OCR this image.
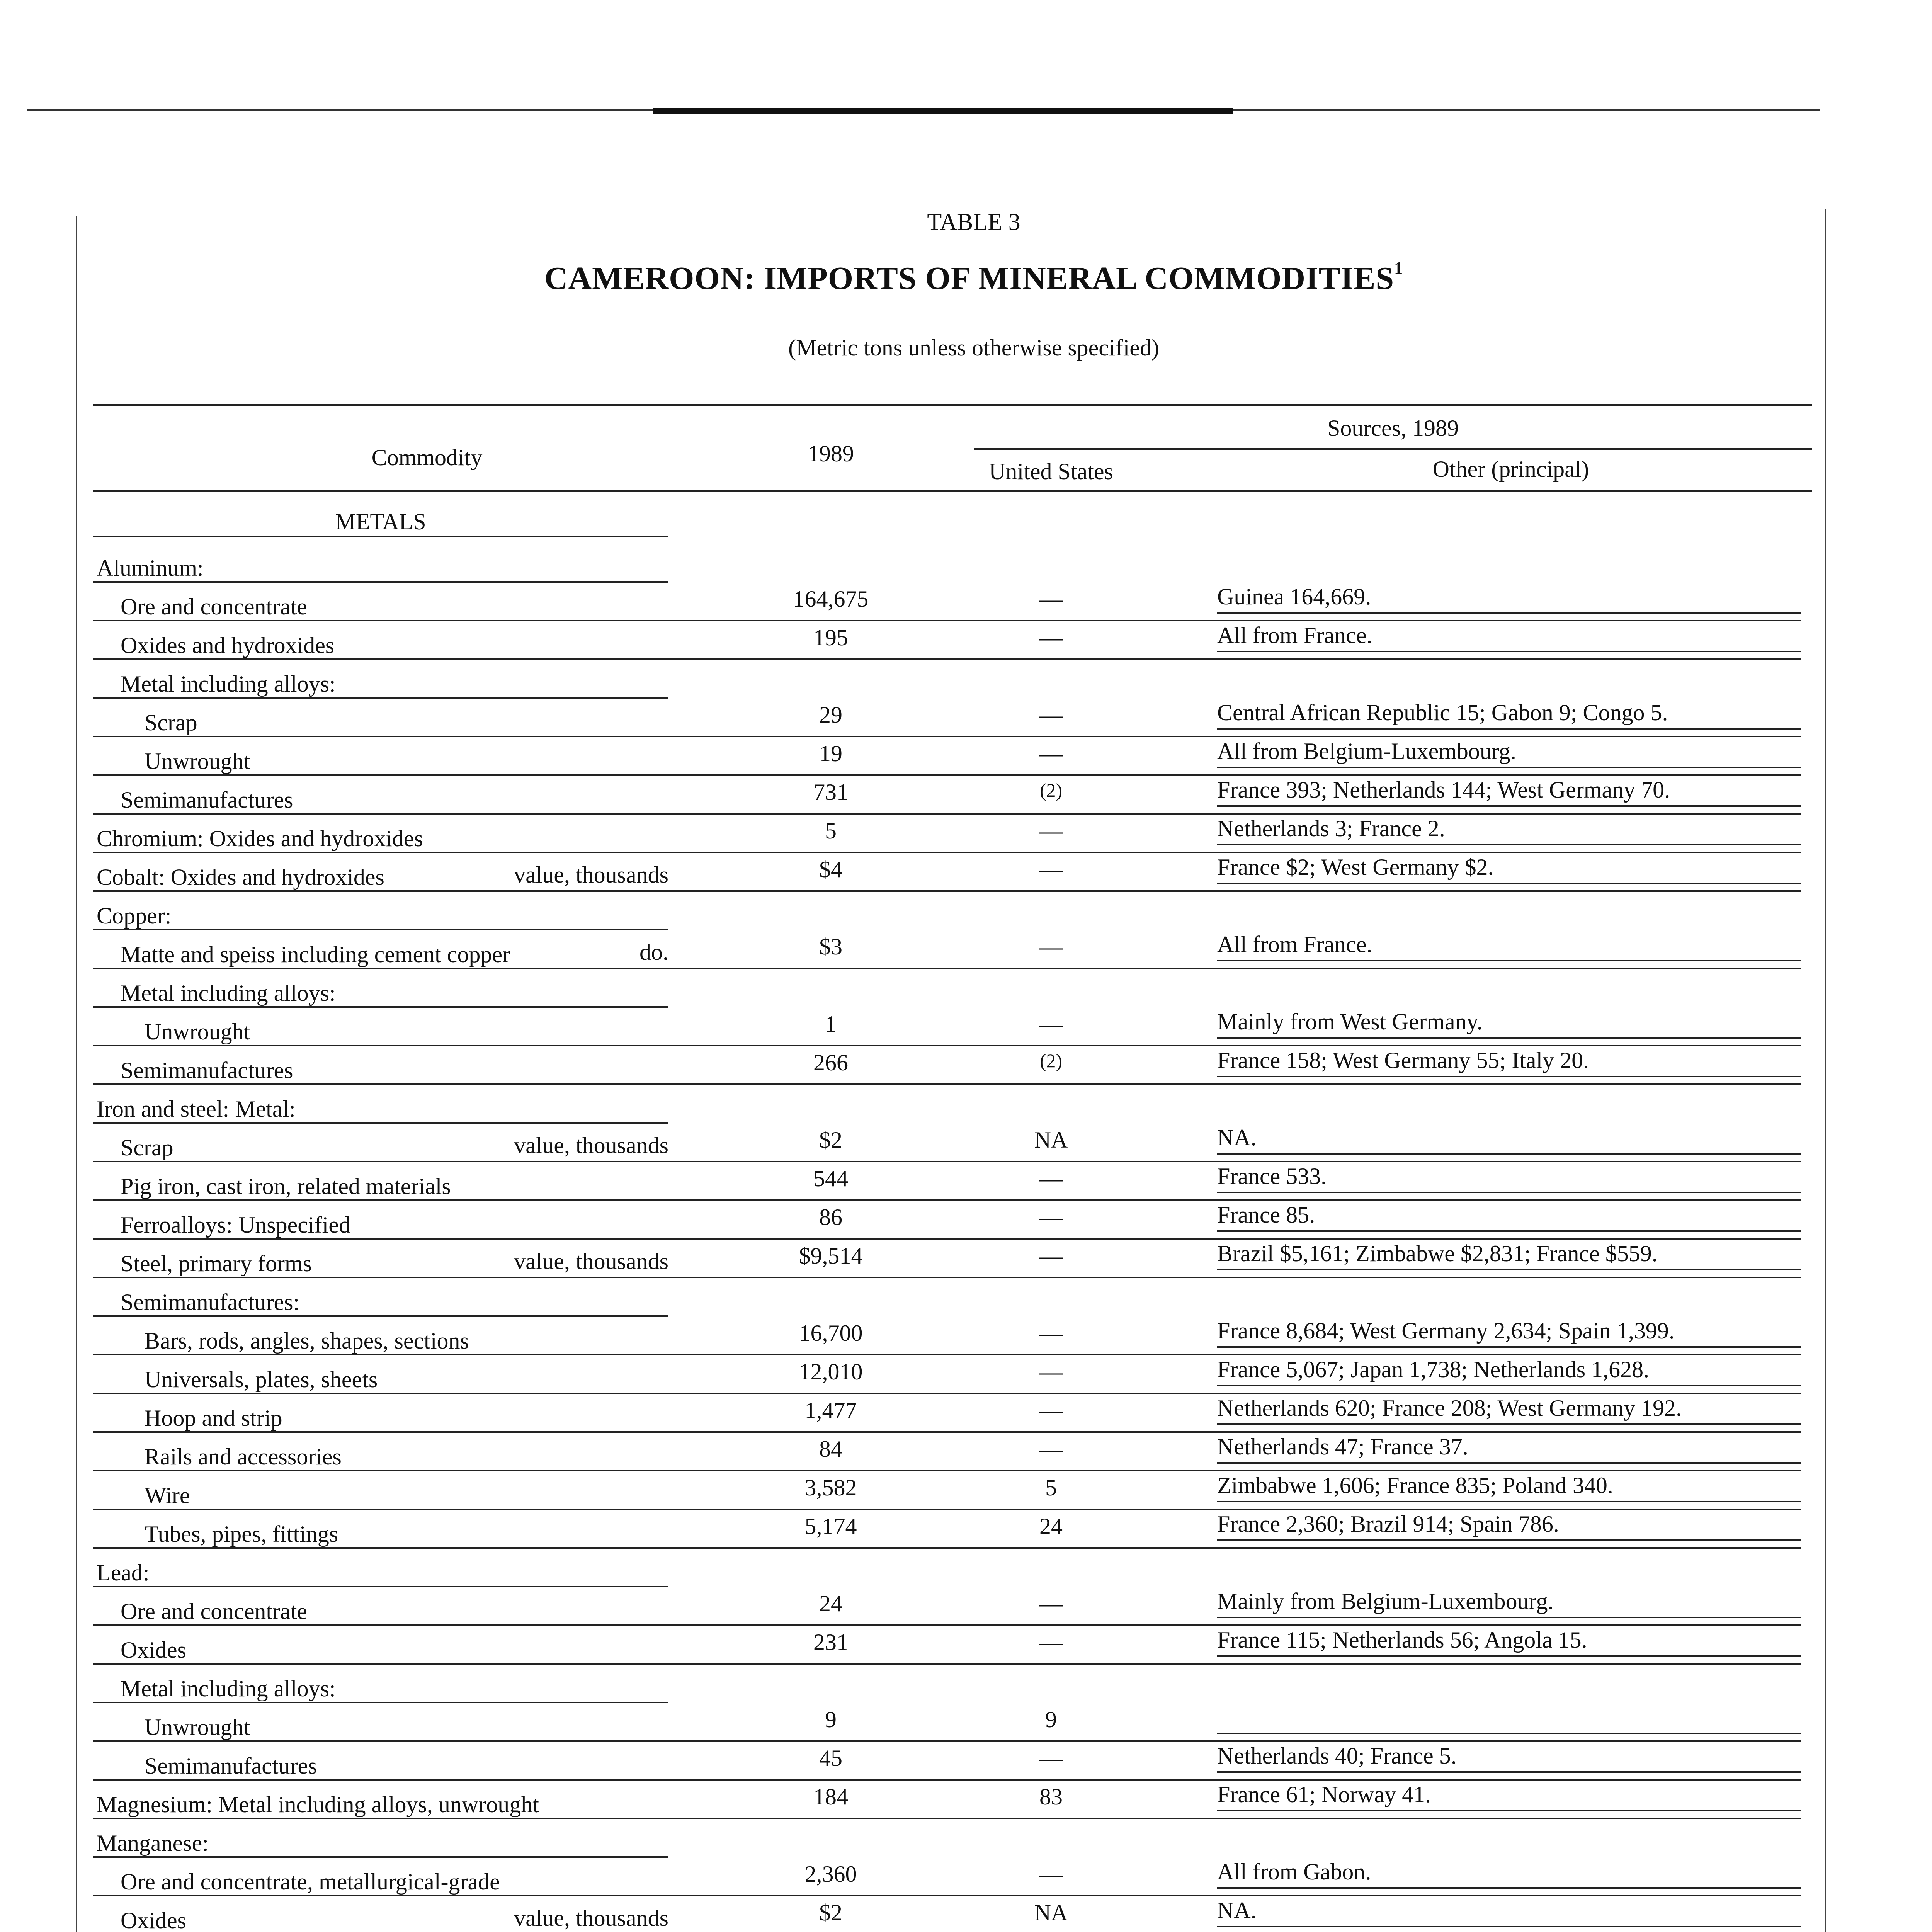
TABLE 3
CAMEROON: IMPORTS OF MINERAL COMMODITIES$^1$
(Metric tons unless otherwise specified)
Commodity	1989
Sources, 1989
United States	Other (principal)
METALS
Aluminum:
Ore and concentrate	164,675	—	Guinea 164,669.
Oxides and hydroxides	195	—	All from France.
Metal including alloys:
Scrap	29	—	Central African Republic 15; Gabon 9; Congo 5.
Unwrought	19	—	All from Belgium-Luxembourg.
Semimanufactures	731	(2)	France 393; Netherlands 144; West Germany 70.
Chromium: Oxides and hydroxides	5	—	Netherlands 3; France 2.
Cobalt: Oxides and hydroxides	value, thousands	$4	—	France $2; West Germany $2.
Copper:
Matte and speiss including cement copper	do.	$3	—	All from France.
Metal including alloys:
Unwrought	1	—	Mainly from West Germany.
Semimanufactures	266	(2)	France 158; West Germany 55; Italy 20.
Iron and steel: Metal:
Scrap	value, thousands	$2	NA	NA.
Pig iron, cast iron, related materials	544	—	France 533.
Ferroalloys: Unspecified	86	—	France 85.
Steel, primary forms	value, thousands	$9,514	—	Brazil $5,161; Zimbabwe $2,831; France $559.
Semimanufactures:
Bars, rods, angles, shapes, sections	16,700	—	France 8,684; West Germany 2,634; Spain 1,399.
Universals, plates, sheets	12,010	—	France 5,067; Japan 1,738; Netherlands 1,628.
Hoop and strip	1,477	—	Netherlands 620; France 208; West Germany 192.
Rails and accessories	84	—	Netherlands 47; France 37.
Wire	3,582	5	Zimbabwe 1,606; France 835; Poland 340.
Tubes, pipes, fittings	5,174	24	France 2,360; Brazil 914; Spain 786.
Lead:
Ore and concentrate	24	—	Mainly from Belgium-Luxembourg.
Oxides	231	—	France 115; Netherlands 56; Angola 15.
Metal including alloys:
Unwrought	9	9
Semimanufactures	45	—	Netherlands 40; France 5.
Magnesium: Metal including alloys, unwrought	184	83	France 61; Norway 41.
Manganese:
Ore and concentrate, metallurgical-grade	2,360	—	All from Gabon.
Oxides	value, thousands	$2	NA	NA.
